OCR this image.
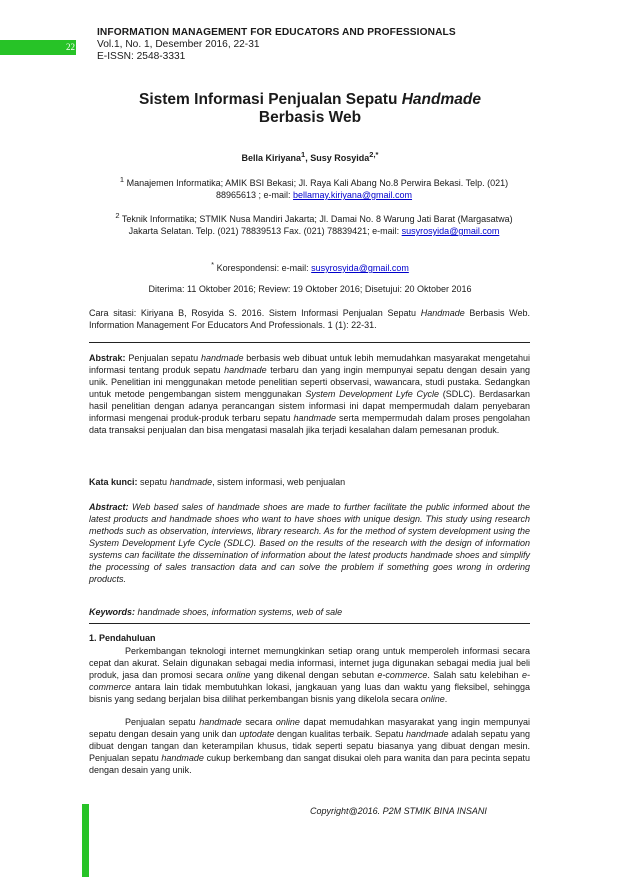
22
INFORMATION MANAGEMENT FOR EDUCATORS AND PROFESSIONALS
Vol.1, No. 1, Desember 2016, 22-31
E-ISSN: 2548-3331
Sistem Informasi Penjualan Sepatu Handmade
Berbasis Web
Bella Kiriyana$^1$, Susy Rosyida$^{2,*}$
$^1$ Manajemen Informatika; AMIK BSI Bekasi; Jl. Raya Kali Abang No.8 Perwira Bekasi. Telp. (021) 88965613 ; e-mail: bellamay.kiriyana@gmail.com
$^2$ Teknik Informatika; STMIK Nusa Mandiri Jakarta; Jl. Damai No. 8 Warung Jati Barat (Margasatwa) Jakarta Selatan. Telp. (021) 78839513 Fax. (021) 78839421; e-mail: susyrosyida@gmail.com
* Korespondensi: e-mail: susyrosyida@gmail.com
Diterima: 11 Oktober 2016; Review: 19 Oktober 2016; Disetujui: 20 Oktober 2016
Cara sitasi: Kiriyana B, Rosyida S. 2016. Sistem Informasi Penjualan Sepatu Handmade Berbasis Web. Information Management For Educators And Professionals. 1 (1): 22-31.
Abstrak: Penjualan sepatu handmade berbasis web dibuat untuk lebih memudahkan masyarakat mengetahui informasi tentang produk sepatu handmade terbaru dan yang ingin mempunyai sepatu dengan desain yang unik. Penelitian ini menggunakan metode penelitian seperti observasi, wawancara, studi pustaka. Sedangkan untuk metode pengembangan sistem menggunakan System Development Lyfe Cycle (SDLC). Berdasarkan hasil penelitian dengan adanya perancangan sistem informasi ini dapat mempermudah dalam penyebaran informasi mengenai produk-produk terbaru sepatu handmade serta mempermudah dalam proses pengolahan data transaksi penjualan dan bisa mengatasi masalah jika terjadi kesalahan dalam pemesanan produk.
Kata kunci: sepatu handmade, sistem informasi, web penjualan
Abstract: Web based sales of handmade shoes are made to further facilitate the public informed about the latest products and handmade shoes who want to have shoes with unique design. This study using research methods such as observation, interviews, library research. As for the method of system development using the System Development Lyfe Cycle (SDLC). Based on the results of the research with the design of information systems can facilitate the dissemination of information about the latest products handmade shoes and simplify the processing of sales transaction data and can solve the problem if something goes wrong in ordering products.
Keywords: handmade shoes, information systems, web of sale
1. Pendahuluan
Perkembangan teknologi internet memungkinkan setiap orang untuk memperoleh informasi secara cepat dan akurat. Selain digunakan sebagai media informasi, internet juga digunakan sebagai media jual beli produk, jasa dan promosi secara online yang dikenal dengan sebutan e-commerce. Salah satu kelebihan e-commerce antara lain tidak membutuhkan lokasi, jangkauan yang luas dan waktu yang fleksibel, sehingga bisnis yang sedang berjalan bisa dilihat perkembangan bisnis yang dikelola secara online.
Penjualan sepatu handmade secara online dapat memudahkan masyarakat yang ingin mempunyai sepatu dengan desain yang unik dan uptodate dengan kualitas terbaik. Sepatu handmade adalah sepatu yang dibuat dengan tangan dan keterampilan khusus, tidak seperti sepatu biasanya yang dibuat dengan mesin. Penjualan sepatu handmade cukup berkembang dan sangat disukai oleh para wanita dan para pecinta sepatu dengan desain yang unik.
Copyright@2016. P2M STMIK BINA INSANI
